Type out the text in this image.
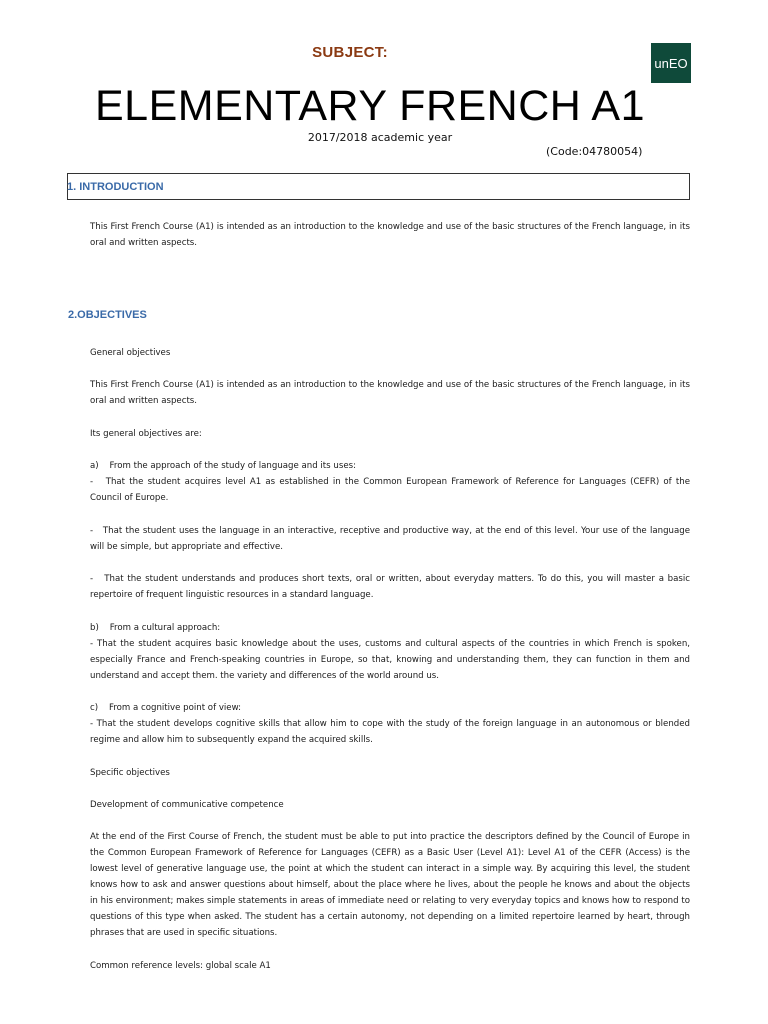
SUBJECT:
unEO
ELEMENTARY FRENCH A1
2017/2018 academic year
(Code:04780054)
1. INTRODUCTION

This First French Course (A1) is intended as an introduction to the knowledge and use of the basic structures of the French language, in its oral and written aspects.

2.OBJECTIVES

General objectives

This First French Course (A1) is intended as an introduction to the knowledge and use of the basic structures of the French language, in its oral and written aspects.

Its general objectives are:

a)    From the approach of the study of language and its uses:

-   That the student acquires level A1 as established in the Common European Framework of Reference for Languages (CEFR) of the Council of Europe.

-   That the student uses the language in an interactive, receptive and productive way, at the end of this level. Your use of the language will be simple, but appropriate and effective.

-   That the student understands and produces short texts, oral or written, about everyday matters. To do this, you will master a basic repertoire of frequent linguistic resources in a standard language.

b)    From a cultural approach:

- That the student acquires basic knowledge about the uses, customs and cultural aspects of the countries in which French is spoken, especially France and French-speaking countries in Europe, so that, knowing and understanding them, they can function in them and understand and accept them. the variety and differences of the world around us.

c)    From a cognitive point of view:

- That the student develops cognitive skills that allow him to cope with the study of the foreign language in an autonomous or blended regime and allow him to subsequently expand the acquired skills.

Specific objectives

Development of communicative competence

At the end of the First Course of French, the student must be able to put into practice the descriptors defined by the Council of Europe in the Common European Framework of Reference for Languages (CEFR) as a Basic User (Level A1): Level A1 of the CEFR (Access) is the lowest level of generative language use, the point at which the student can interact in a simple way. By acquiring this level, the student knows how to ask and answer questions about himself, about the place where he lives, about the people he knows and about the objects in his environment; makes simple statements in areas of immediate need or relating to very everyday topics and knows how to respond to questions of this type when asked. The student has a certain autonomy, not depending on a limited repertoire learned by heart, through phrases that are used in specific situations.

Common reference levels: global scale A1
